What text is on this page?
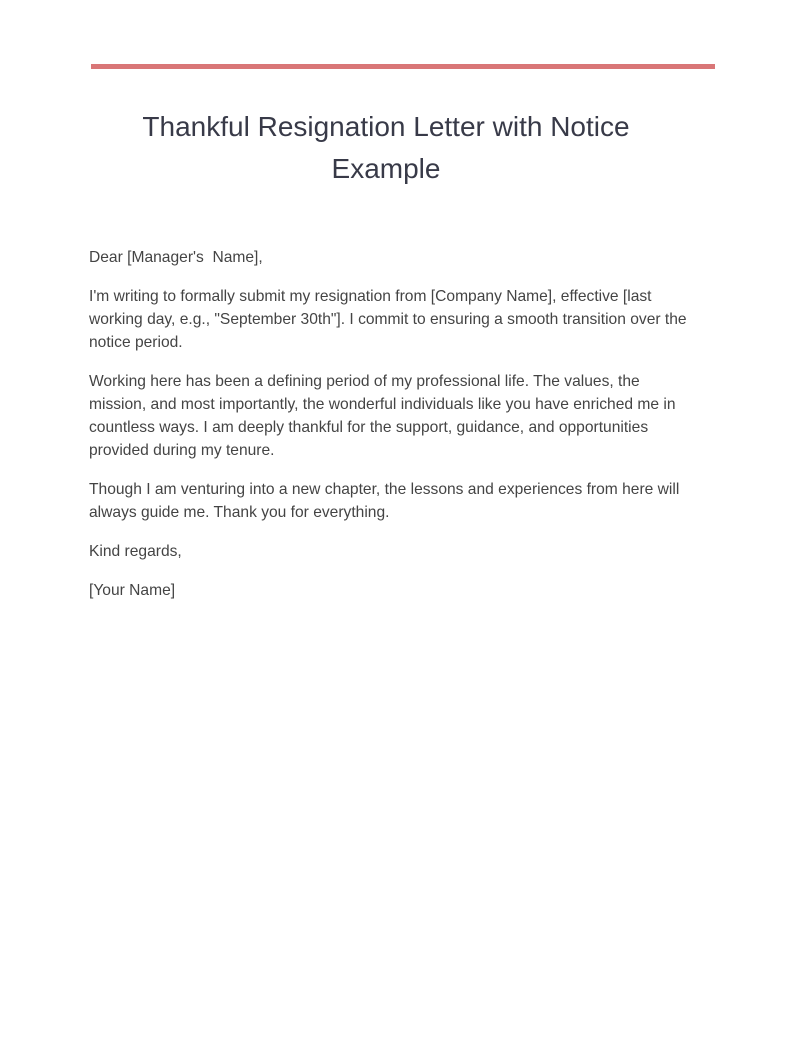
Thankful Resignation Letter with Notice Example

Dear [Manager's  Name],

I'm writing to formally submit my resignation from [Company Name], effective [last working day, e.g., "September 30th"]. I commit to ensuring a smooth transition over the notice period.

Working here has been a defining period of my professional life. The values, the mission, and most importantly, the wonderful individuals like you have enriched me in countless ways. I am deeply thankful for the support, guidance, and opportunities provided during my tenure.

Though I am venturing into a new chapter, the lessons and experiences from here will always guide me. Thank you for everything.

Kind regards,

[Your Name]
